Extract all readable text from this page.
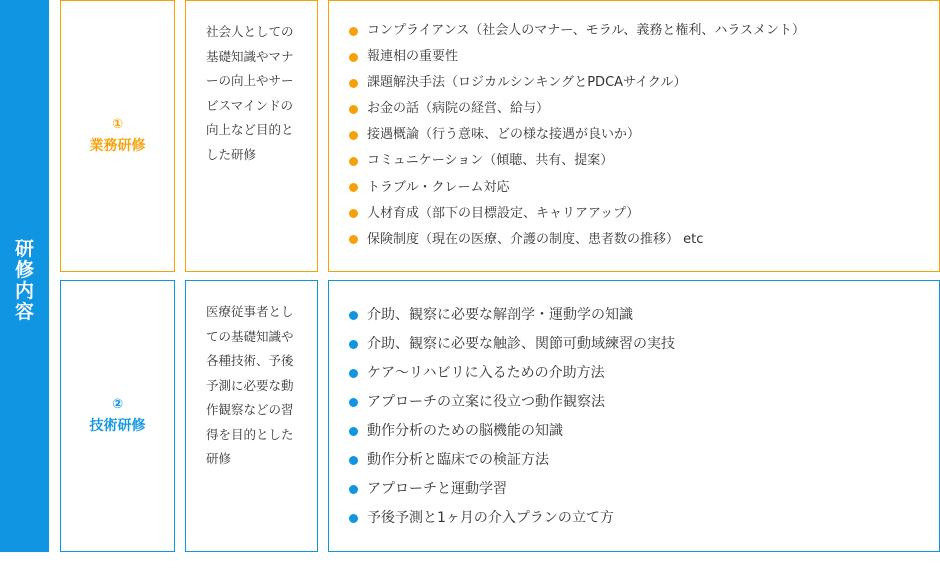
研修内容
①
業務研修
社会人としての基礎知識やマナーの向上やサービスマインドの向上など目的とした研修
コンプライアンス（社会人のマナー、モラル、義務と権利、ハラスメント）
報連相の重要性
課題解決手法（ロジカルシンキングとPDCAサイクル）
お金の話（病院の経営、給与）
接遇概論（行う意味、どの様な接遇が良いか）
コミュニケーション（傾聴、共有、提案）
トラブル・クレーム対応
人材育成（部下の目標設定、キャリアアップ）
保険制度（現在の医療、介護の制度、患者数の推移） etc
②
技術研修
医療従事者としての基礎知識や各種技術、予後予測に必要な動作観察などの習得を目的とした研修
介助、観察に必要な解剖学・運動学の知識
介助、観察に必要な触診、関節可動域練習の実技
ケア〜リハビリに入るための介助方法
アプローチの立案に役立つ動作観察法
動作分析のための脳機能の知識
動作分析と臨床での検証方法
アプローチと運動学習
予後予測と1ヶ月の介入プランの立て方
